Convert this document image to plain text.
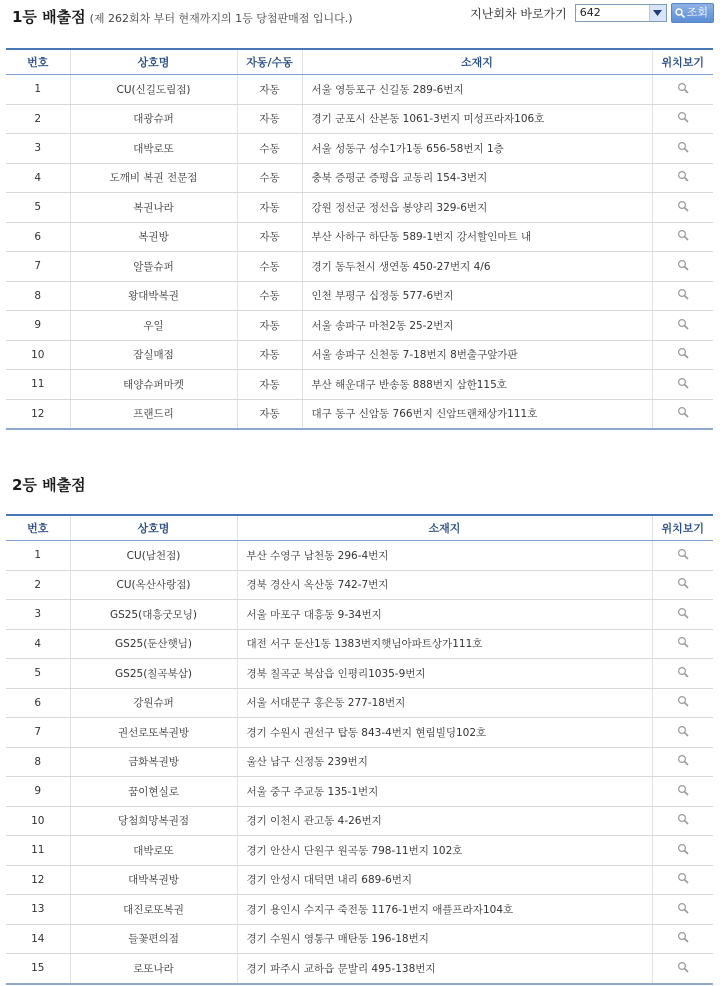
1등 배출점 (제 262회차 부터 현재까지의 1등 당첨판매점 입니다.)	지난회차 바로가기	642	조회
번호	상호명	자동/수동	소재지	위치보기
1	CU(신길도림점)	자동	서울 영등포구 신길동 289-6번지	
2	대광슈퍼	자동	경기 군포시 산본동 1061-3번지 미성프라자106호	
3	대박로또	수동	서울 성동구 성수1가1동 656-58번지 1층	
4	도깨비 복권 전문점	수동	충북 증평군 증평읍 교동리 154-3번지	
5	복권나라	자동	강원 정선군 정선읍 봉양리 329-6번지	
6	복권방	자동	부산 사하구 하단동 589-1번지 강서할인마트 내	
7	알뜰슈퍼	수동	경기 동두천시 생연동 450-27번지 4/6	
8	왕대박복권	수동	인천 부평구 십정동 577-6번지	
9	우일	자동	서울 송파구 마천2동 25-2번지	
10	잠실매점	자동	서울 송파구 신천동 7-18번지 8번출구앞가판	
11	태양슈퍼마켓	자동	부산 해운대구 반송동 888번지 삼한115호	
12	프랜드리	자동	대구 동구 신암동 766번지 신암뜨랜채상가111호	
2등 배출점
번호	상호명	소재지	위치보기
1	CU(남천점)	부산 수영구 남천동 296-4번지	
2	CU(옥산사랑점)	경북 경산시 옥산동 742-7번지	
3	GS25(대흥굿모닝)	서울 마포구 대흥동 9-34번지	
4	GS25(둔산햇님)	대전 서구 둔산1동 1383번지햇님아파트상가111호	
5	GS25(칠곡북삼)	경북 칠곡군 북삼읍 인평리1035-9번지	
6	강원슈퍼	서울 서대문구 홍은동 277-18번지	
7	권선로또복권방	경기 수원시 권선구 탑동 843-4번지 현림빌딩102호	
8	금화복권방	울산 남구 신정동 239번지	
9	꿈이현실로	서울 중구 주교동 135-1번지	
10	당첨희망복권점	경기 이천시 관고동 4-26번지	
11	대박로또	경기 안산시 단원구 원곡동 798-11번지 102호	
12	대박복권방	경기 안성시 대덕면 내리 689-6번지	
13	대진로또복권	경기 용인시 수지구 죽전동 1176-1번지 애플프라자104호	
14	들꽃편의점	경기 수원시 영통구 매탄동 196-18번지	
15	로또나라	경기 파주시 교하읍 문발리 495-138번지	
